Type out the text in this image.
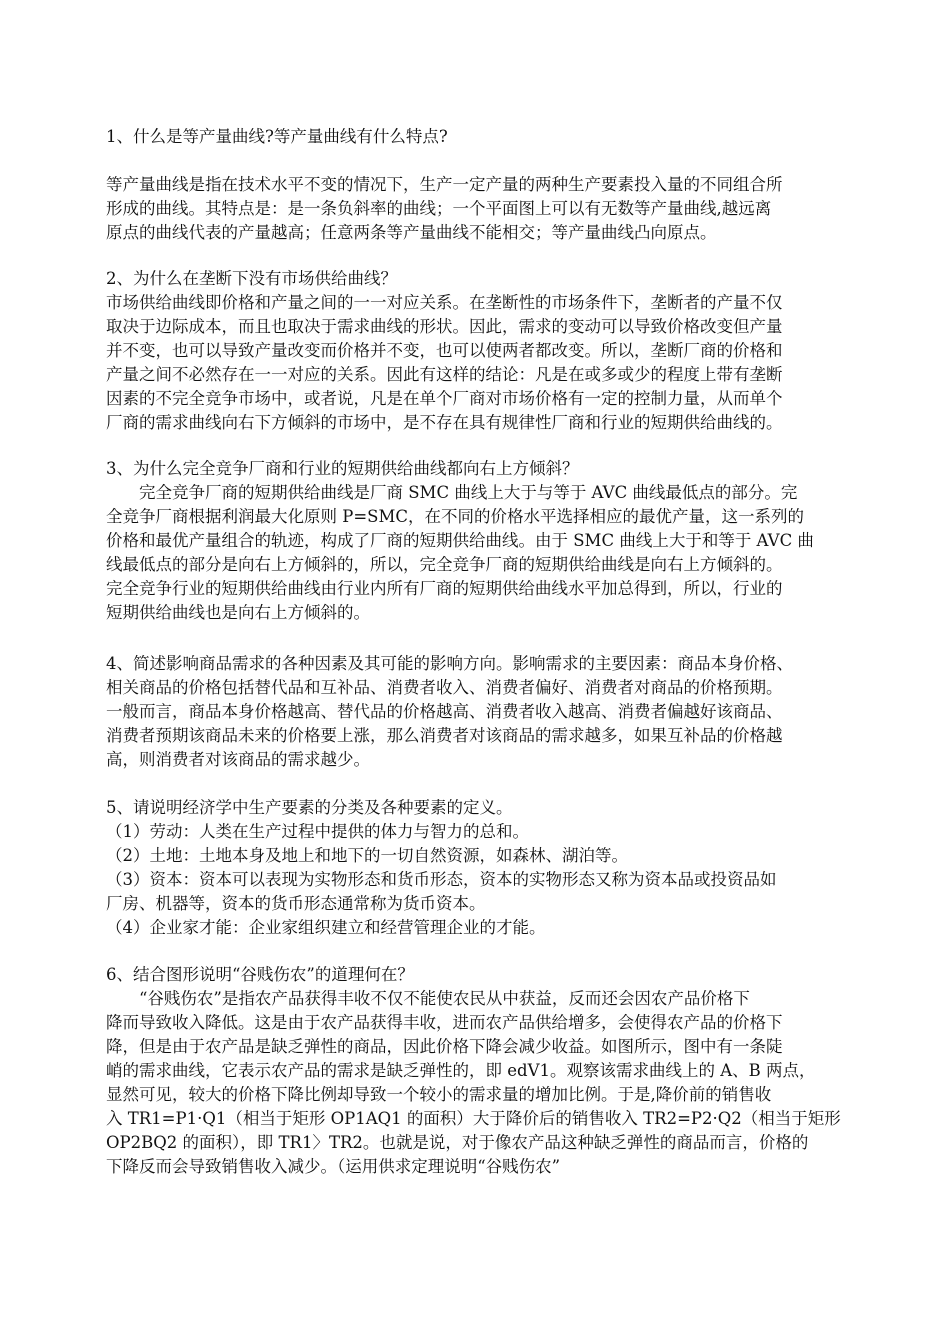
1、什么是等产量曲线?等产量曲线有什么特点?
等产量曲线是指在技术水平不变的情况下，生产一定产量的两种生产要素投入量的不同组合所
形成的曲线。其特点是：是一条负斜率的曲线；一个平面图上可以有无数等产量曲线,越远离
原点的曲线代表的产量越高；任意两条等产量曲线不能相交；等产量曲线凸向原点。
2、为什么在垄断下没有市场供给曲线？
市场供给曲线即价格和产量之间的一一对应关系。在垄断性的市场条件下，垄断者的产量不仅
取决于边际成本，而且也取决于需求曲线的形状。因此，需求的变动可以导致价格改变但产量
并不变，也可以导致产量改变而价格并不变，也可以使两者都改变。所以，垄断厂商的价格和
产量之间不必然存在一一对应的关系。因此有这样的结论：凡是在或多或少的程度上带有垄断
因素的不完全竞争市场中，或者说，凡是在单个厂商对市场价格有一定的控制力量，从而单个
厂商的需求曲线向右下方倾斜的市场中，是不存在具有规律性厂商和行业的短期供给曲线的。
3、为什么完全竞争厂商和行业的短期供给曲线都向右上方倾斜？
　　完全竞争厂商的短期供给曲线是厂商 SMC 曲线上大于与等于 AVC 曲线最低点的部分。完
全竞争厂商根据利润最大化原则 P=SMC，在不同的价格水平选择相应的最优产量，这一系列的
价格和最优产量组合的轨迹，构成了厂商的短期供给曲线。由于 SMC 曲线上大于和等于 AVC 曲
线最低点的部分是向右上方倾斜的，所以，完全竞争厂商的短期供给曲线是向右上方倾斜的。
完全竞争行业的短期供给曲线由行业内所有厂商的短期供给曲线水平加总得到，所以，行业的
短期供给曲线也是向右上方倾斜的。
4、简述影响商品需求的各种因素及其可能的影响方向。影响需求的主要因素：商品本身价格、
相关商品的价格包括替代品和互补品、消费者收入、消费者偏好、消费者对商品的价格预期。
一般而言，商品本身价格越高、替代品的价格越高、消费者收入越高、消费者偏越好该商品、
消费者预期该商品未来的价格要上涨，那么消费者对该商品的需求越多，如果互补品的价格越
高，则消费者对该商品的需求越少。
5、请说明经济学中生产要素的分类及各种要素的定义。
（1）劳动：人类在生产过程中提供的体力与智力的总和。
（2）土地：土地本身及地上和地下的一切自然资源，如森林、湖泊等。
（3）资本：资本可以表现为实物形态和货币形态，资本的实物形态又称为资本品或投资品如
厂房、机器等，资本的货币形态通常称为货币资本。
（4）企业家才能：企业家组织建立和经营管理企业的才能。
6、结合图形说明“谷贱伤农”的道理何在？
　　“谷贱伤农”是指农产品获得丰收不仅不能使农民从中获益，反而还会因农产品价格下
降而导致收入降低。这是由于农产品获得丰收，进而农产品供给增多，会使得农产品的价格下
降，但是由于农产品是缺乏弹性的商品，因此价格下降会减少收益。如图所示，图中有一条陡
峭的需求曲线，它表示农产品的需求是缺乏弹性的，即 edV1。观察该需求曲线上的 A、B 两点，
显然可见，较大的价格下降比例却导致一个较小的需求量的增加比例。于是,降价前的销售收
入 TR1=P1·Q1（相当于矩形 OP1AQ1 的面积）大于降价后的销售收入 TR2=P2·Q2（相当于矩形
OP2BQ2 的面积），即 TR1〉TR2。也就是说，对于像农产品这种缺乏弹性的商品而言，价格的
下降反而会导致销售收入减少。（运用供求定理说明“谷贱伤农”
